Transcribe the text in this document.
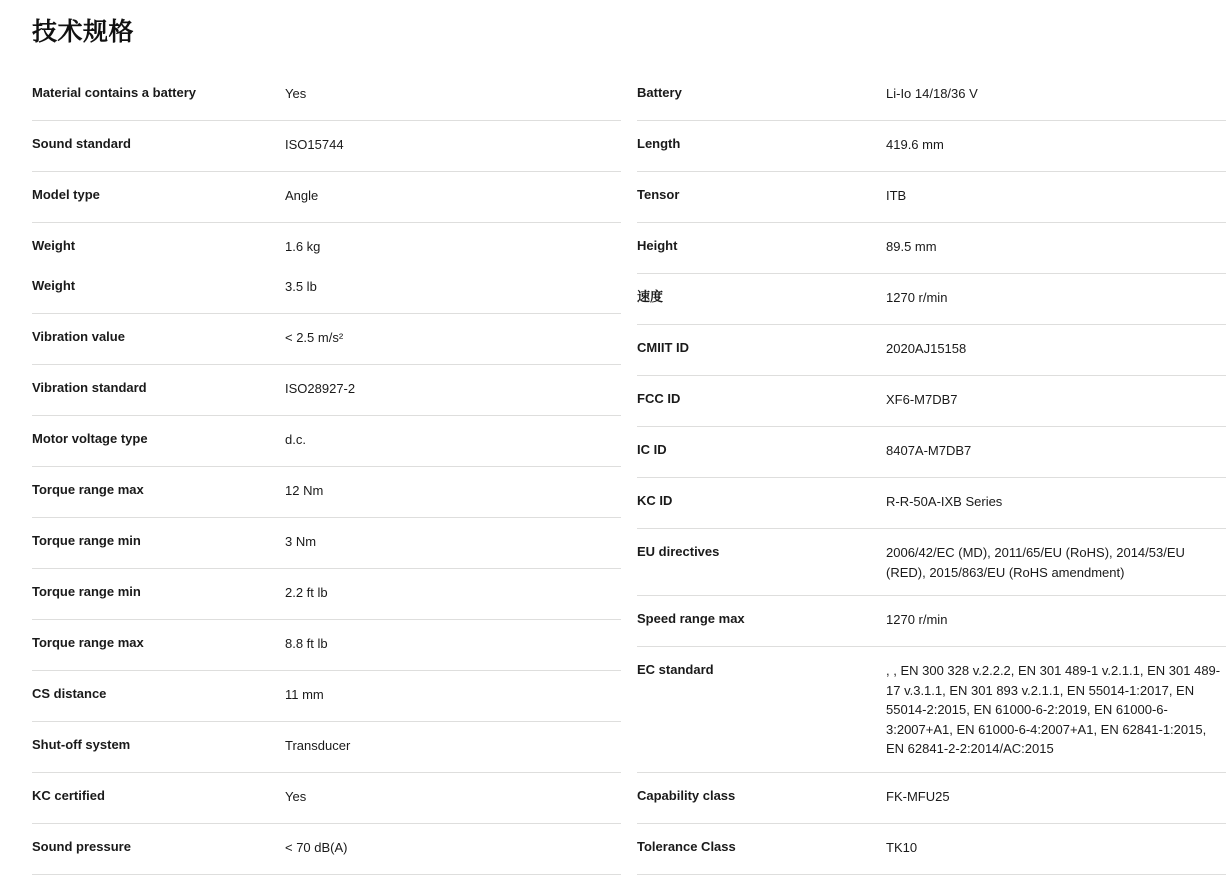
技术规格
Material contains a battery	Yes
Sound standard	ISO15744
Model type	Angle
Weight	1.6 kg
Weight	3.5 lb
Vibration value	< 2.5 m/s²
Vibration standard	ISO28927-2
Motor voltage type	d.c.
Torque range max	12 Nm
Torque range min	3 Nm
Torque range min	2.2 ft lb
Torque range max	8.8 ft lb
CS distance	11 mm
Shut-off system	Transducer
KC certified	Yes
Sound pressure	< 70 dB(A)
Battery	Li-Io 14/18/36 V
Length	419.6 mm
Tensor	ITB
Height	89.5 mm
速度	1270 r/min
CMIIT ID	2020AJ15158
FCC ID	XF6-M7DB7
IC ID	8407A-M7DB7
KC ID	R-R-50A-IXB Series
EU directives	2006/42/EC (MD), 2011/65/EU (RoHS), 2014/53/EU (RED), 2015/863/EU (RoHS amendment)
Speed range max	1270 r/min
EC standard	, , EN 300 328 v.2.2.2, EN 301 489-1 v.2.1.1, EN 301 489-17 v.3.1.1, EN 301 893 v.2.1.1, EN 55014-1:2017, EN 55014-2:2015, EN 61000-6-2:2019, EN 61000-6-3:2007+A1, EN 61000-6-4:2007+A1, EN 62841-1:2015, EN 62841-2-2:2014/AC:2015
Capability class	FK-MFU25
Tolerance Class	TK10
